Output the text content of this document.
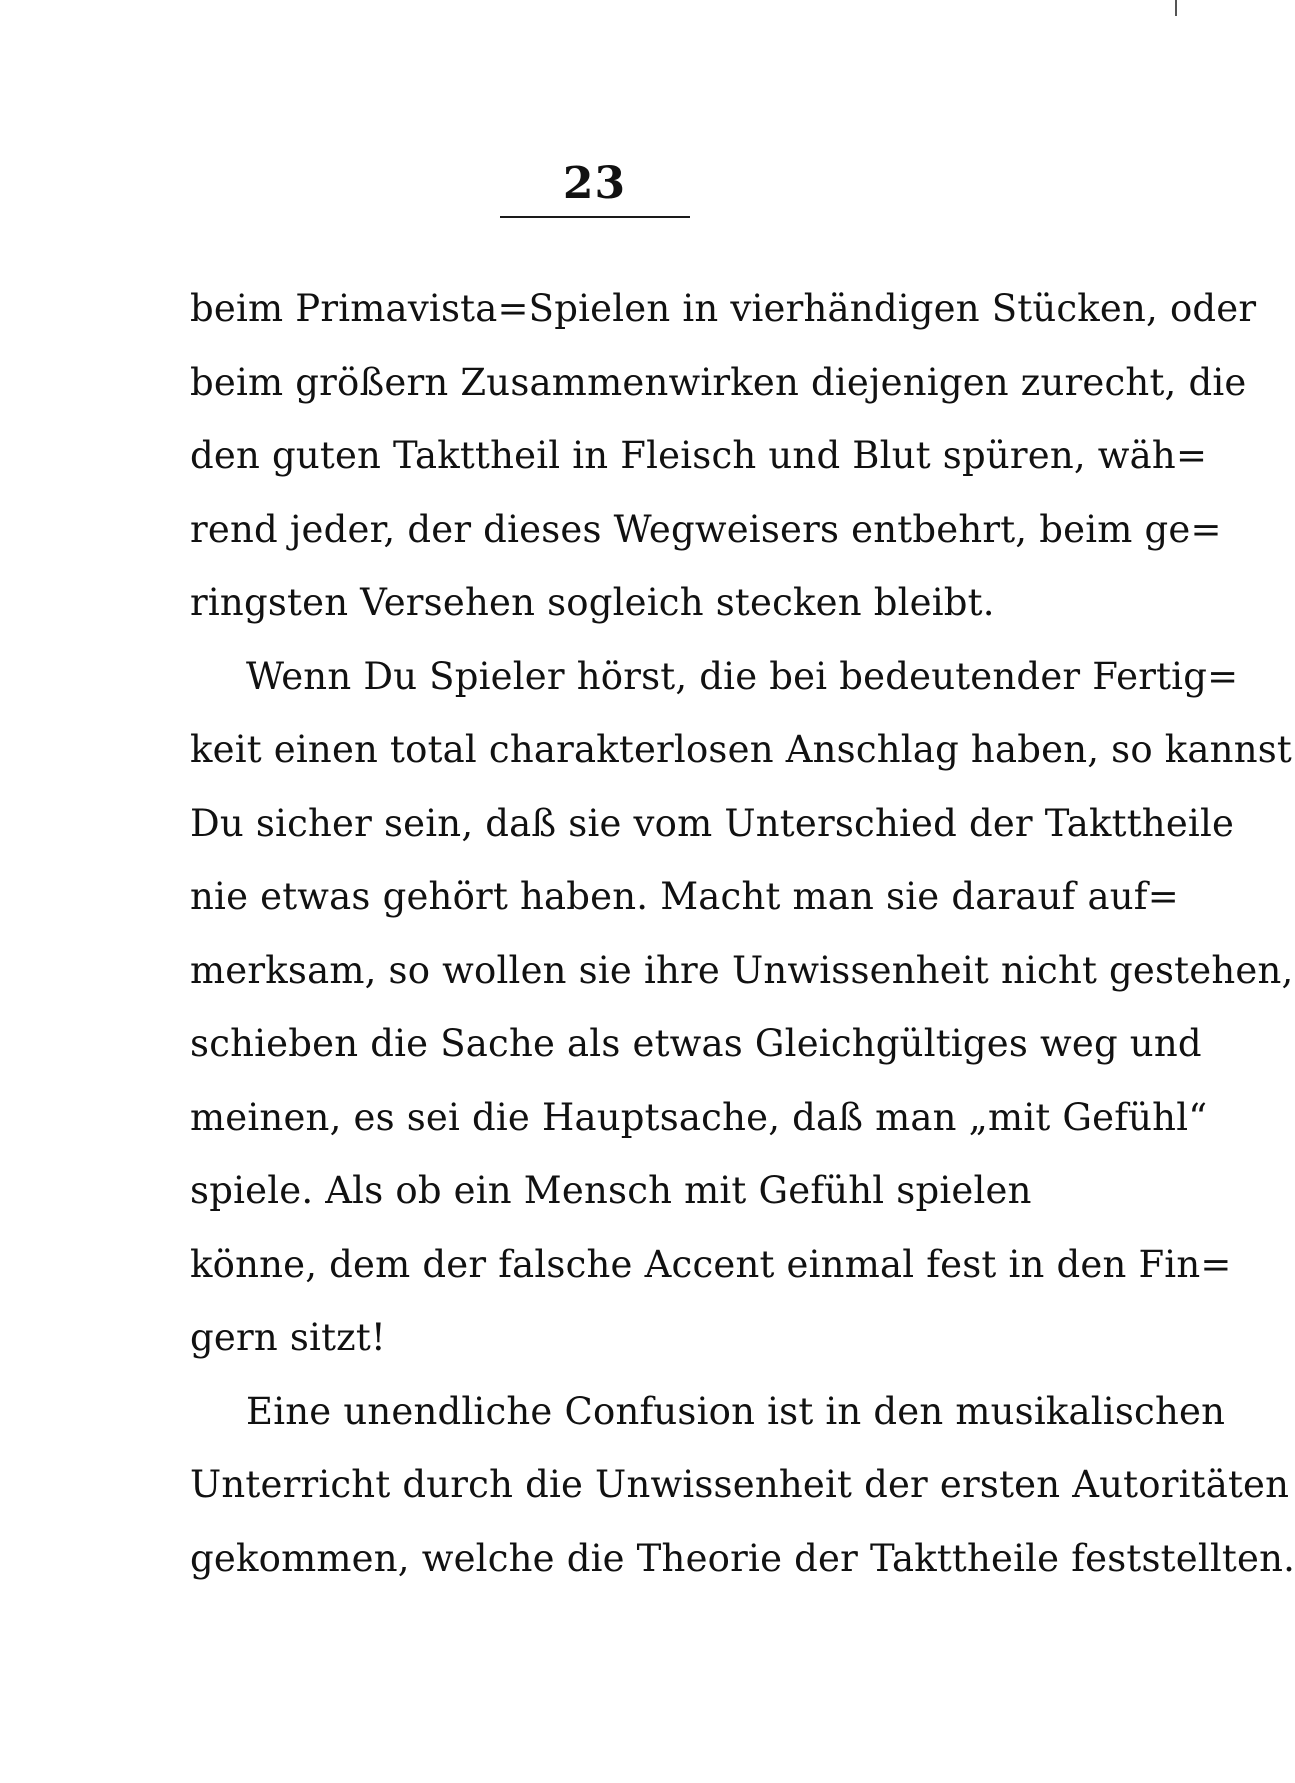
23
beim Primavista=Spielen in vierhändigen Stücken, oder
beim größern Zusammenwirken diejenigen zurecht, die
den guten Takttheil in Fleisch und Blut spüren, wäh=
rend jeder, der dieses Wegweisers entbehrt, beim ge=
ringsten Versehen sogleich stecken bleibt.
Wenn Du Spieler hörst, die bei bedeutender Fertig=
keit einen total charakterlosen Anschlag haben, so kannst
Du sicher sein, daß sie vom Unterschied der Takttheile
nie etwas gehört haben. Macht man sie darauf auf=
merksam, so wollen sie ihre Unwissenheit nicht gestehen,
schieben die Sache als etwas Gleichgültiges weg und
meinen, es sei die Hauptsache, daß man „mit Gefühl“
spiele. Als ob ein Mensch mit Gefühl spielen
könne, dem der falsche Accent einmal fest in den Fin=
gern sitzt!
Eine unendliche Confusion ist in den musikalischen
Unterricht durch die Unwissenheit der ersten Autoritäten
gekommen, welche die Theorie der Takttheile feststellten.
